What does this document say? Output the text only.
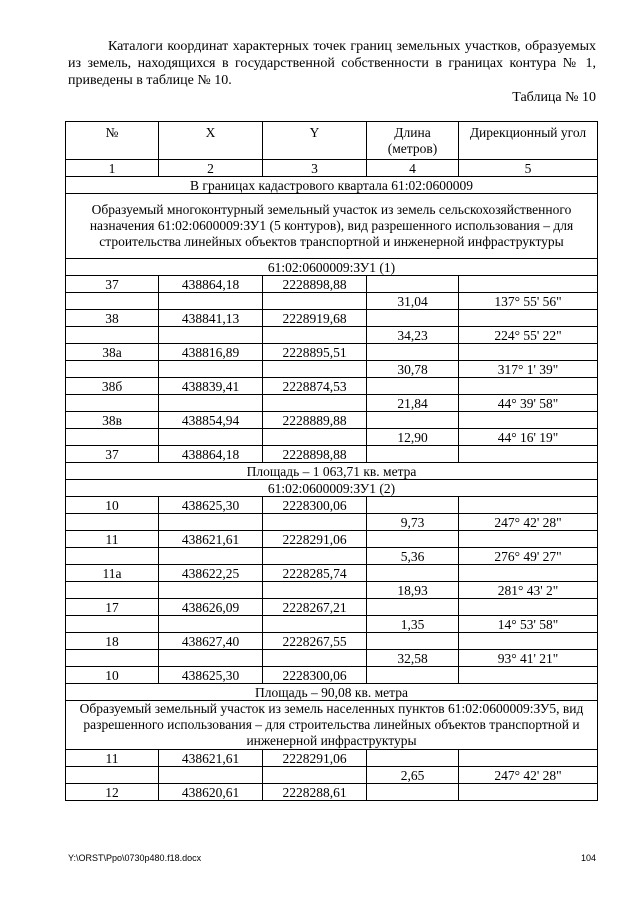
Каталоги координат характерных точек границ земельных участков, образуемых из земель, находящихся в государственной собственности в границах контура № 1, приведены в таблице № 10.
Таблица № 10
№	X	Y	Длина (метров)	Дирекционный угол
1	2	3	4	5
В границах кадастрового квартала 61:02:0600009				
Образуемый многоконтурный земельный участок из земель сельскохозяйственного назначения 61:02:0600009:ЗУ1 (5 контуров), вид разрешенного использования – для строительства линейных объектов транспортной и инженерной инфраструктуры				
61:02:0600009:ЗУ1 (1)				
37	438864,18	2228898,88		
			31,04	137° 55' 56"
38	438841,13	2228919,68		
			34,23	224° 55' 22"
38а	438816,89	2228895,51		
			30,78	317° 1' 39"
38б	438839,41	2228874,53		
			21,84	44° 39' 58"
38в	438854,94	2228889,88		
			12,90	44° 16' 19"
37	438864,18	2228898,88		
Площадь – 1 063,71 кв. метра				
61:02:0600009:ЗУ1 (2)				
10	438625,30	2228300,06		
			9,73	247° 42' 28"
11	438621,61	2228291,06		
			5,36	276° 49' 27"
11а	438622,25	2228285,74		
			18,93	281° 43' 2"
17	438626,09	2228267,21		
			1,35	14° 53' 58"
18	438627,40	2228267,55		
			32,58	93° 41' 21"
10	438625,30	2228300,06		
Площадь – 90,08 кв. метра				
Образуемый земельный участок из земель населенных пунктов 61:02:0600009:ЗУ5, вид разрешенного использования – для строительства линейных объектов транспортной и инженерной инфраструктуры				
11	438621,61	2228291,06		
			2,65	247° 42' 28"
12	438620,61	2228288,61		
Y:\ORST\Ppo\0730p480.f18.docx	104
